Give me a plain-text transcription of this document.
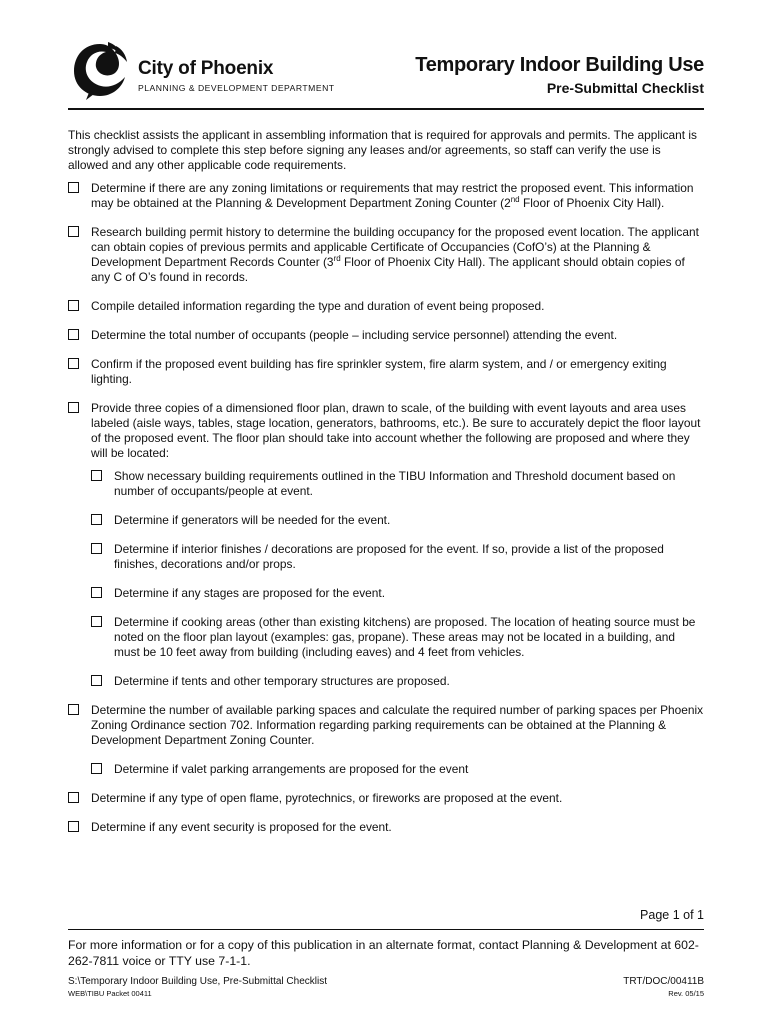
City of Phoenix
PLANNING & DEVELOPMENT DEPARTMENT
Temporary Indoor Building Use
Pre-Submittal Checklist

This checklist assists the applicant in assembling information that is required for approvals and permits. The applicant is strongly advised to complete this step before signing any leases and/or agreements, so staff can verify the use is allowed and any other applicable code requirements.

Determine if there are any zoning limitations or requirements that may restrict the proposed event. This information may be obtained at the Planning & Development Department Zoning Counter (2nd Floor of Phoenix City Hall).
Research building permit history to determine the building occupancy for the proposed event location. The applicant can obtain copies of previous permits and applicable Certificate of Occupancies (CofO’s) at the Planning & Development Department Records Counter (3rd Floor of Phoenix City Hall). The applicant should obtain copies of any C of O’s found in records.
Compile detailed information regarding the type and duration of event being proposed.
Determine the total number of occupants (people – including service personnel) attending the event.
Confirm if the proposed event building has fire sprinkler system, fire alarm system, and / or emergency exiting lighting.
Provide three copies of a dimensioned floor plan, drawn to scale, of the building with event layouts and area uses labeled (aisle ways, tables, stage location, generators, bathrooms, etc.). Be sure to accurately depict the floor layout of the proposed event. The floor plan should take into account whether the following are proposed and where they will be located:
Show necessary building requirements outlined in the TIBU Information and Threshold document based on number of occupants/people at event.
Determine if generators will be needed for the event.
Determine if interior finishes / decorations are proposed for the event. If so, provide a list of the proposed finishes, decorations and/or props.
Determine if any stages are proposed for the event.
Determine if cooking areas (other than existing kitchens) are proposed. The location of heating source must be noted on the floor plan layout (examples: gas, propane). These areas may not be located in a building, and must be 10 feet away from building (including eaves) and 4 feet from vehicles.
Determine if tents and other temporary structures are proposed.
Determine the number of available parking spaces and calculate the required number of parking spaces per Phoenix Zoning Ordinance section 702. Information regarding parking requirements can be obtained at the Planning & Development Department Zoning Counter.
Determine if valet parking arrangements are proposed for the event
Determine if any type of open flame, pyrotechnics, or fireworks are proposed at the event.
Determine if any event security is proposed for the event.
Page 1 of 1
For more information or for a copy of this publication in an alternate format, contact Planning & Development at 602-262-7811 voice or TTY use 7-1-1.
S:\Temporary Indoor Building Use, Pre-Submittal Checklist
WEB\TIBU Packet 00411
TRT/DOC/00411B
Rev. 05/15
